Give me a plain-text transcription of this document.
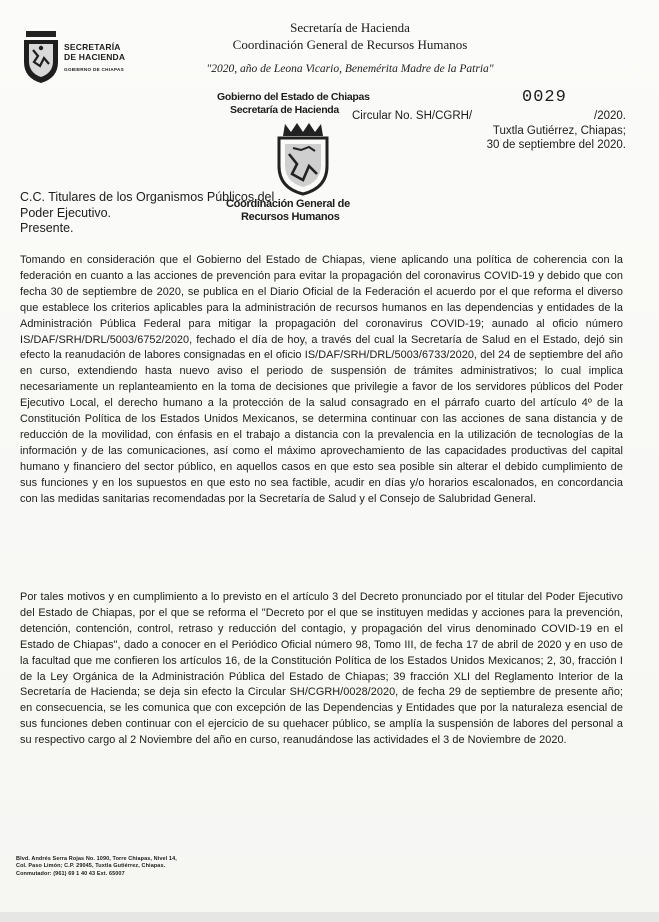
SECRETARÍA
DE HACIENDA
GOBIERNO DE CHIAPAS
Secretaría de Hacienda
Coordinación General de Recursos Humanos
"2020, año de Leona Vicario, Benemérita Madre de la Patria"
Gobierno del Estado de Chiapas
Secretaría de Hacienda
Coordinación General de
Recursos Humanos
0029
Circular No. SH/CGRH/	/2020.
Tuxtla Gutiérrez, Chiapas;
30 de septiembre del 2020.
C.C. Titulares de los Organismos Públicos del
Poder Ejecutivo.
Presente.
Tomando en consideración que el Gobierno del Estado de Chiapas, viene aplicando una política de coherencia con la federación en cuanto a las acciones de prevención para evitar la propagación del coronavirus COVID-19 y debido que con fecha 30 de septiembre de 2020, se publica en el Diario Oficial de la Federación el acuerdo por el que reforma el diverso que establece los criterios aplicables para la administración de recursos humanos en las dependencias y entidades de la Administración Pública Federal para mitigar la propagación del coronavirus COVID-19; aunado al oficio número IS/DAF/SRH/DRL/5003/6752/2020, fechado el día de hoy, a través del cual la Secretaría de Salud en el Estado, dejó sin efecto la reanudación de labores consignadas en el oficio IS/DAF/SRH/DRL/5003/6733/2020, del 24 de septiembre del año en curso, extendiendo hasta nuevo aviso el periodo de suspensión de trámites administrativos; lo cual implica necesariamente un replanteamiento en la toma de decisiones que privilegie a favor de los servidores públicos del Poder Ejecutivo Local, el derecho humano a la protección de la salud consagrado en el párrafo cuarto del artículo 4º de la Constitución Política de los Estados Unidos Mexicanos, se determina continuar con las acciones de sana distancia y de reducción de la movilidad, con énfasis en el trabajo a distancia con la prevalencia en la utilización de tecnologías de la información y de las comunicaciones, así como el máximo aprovechamiento de las capacidades productivas del capital humano y financiero del sector público, en aquellos casos en que esto sea posible sin alterar el debido cumplimiento de sus funciones y en los supuestos en que esto no sea factible, acudir en días y/o horarios escalonados, en concordancia con las medidas sanitarias recomendadas por la Secretaría de Salud y el Consejo de Salubridad General.
Por tales motivos y en cumplimiento a lo previsto en el artículo 3 del Decreto pronunciado por el titular del Poder Ejecutivo del Estado de Chiapas, por el que se reforma el "Decreto por el que se instituyen medidas y acciones para la prevención, detención, contención, control, retraso y reducción del contagio, y propagación del virus denominado COVID-19 en el Estado de Chiapas", dado a conocer en el Periódico Oficial número 98, Tomo III, de fecha 17 de abril de 2020 y en uso de la facultad que me confieren los artículos 16, de la Constitución Política de los Estados Unidos Mexicanos; 2, 30, fracción I de la Ley Orgánica de la Administración Pública del Estado de Chiapas; 39 fracción XLI del Reglamento Interior de la Secretaría de Hacienda; se deja sin efecto la Circular SH/CGRH/0028/2020, de fecha 29 de septiembre de presente año; en consecuencia, se les comunica que con excepción de las Dependencias y Entidades que por la naturaleza esencial de sus funciones deben continuar con el ejercicio de su quehacer público, se amplía la suspensión de labores del personal a su respectivo cargo al 2 Noviembre del año en curso, reanudándose las actividades el 3 de Noviembre de 2020.
Blvd. Andrés Serra Rojas No. 1090, Torre Chiapas, Nivel 14,
Col. Paso Limón; C.P. 29045, Tuxtla Gutiérrez, Chiapas.
Conmutador: (961) 69 1 40 43 Ext. 65007
